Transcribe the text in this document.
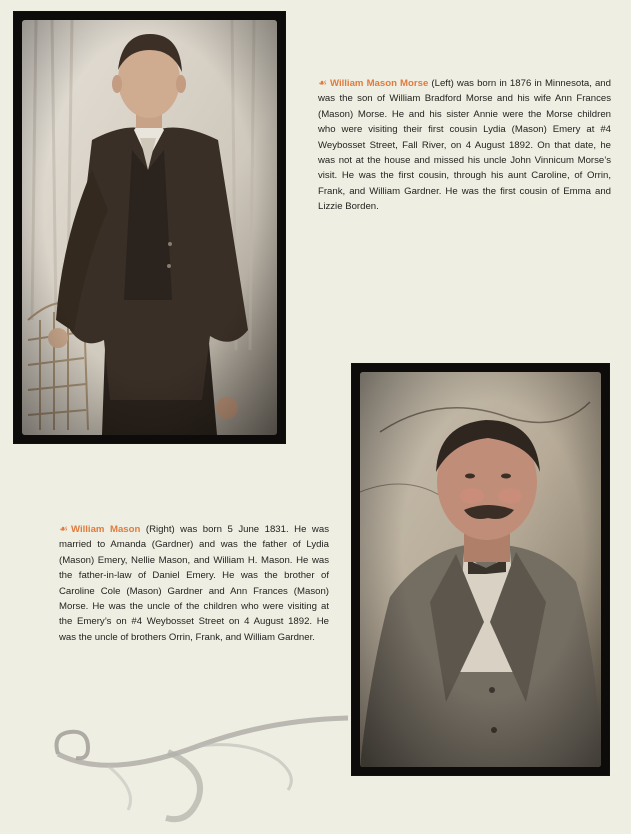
☙ William Mason Morse (Left) was born in 1876 in Minnesota, and was the son of William Bradford Morse and his wife Ann Frances (Mason) Morse. He and his sister Annie were the Morse children who were visiting their first cousin Lydia (Mason) Emery at #4 Weybosset Street, Fall River, on 4 August 1892. On that date, he was not at the house and missed his uncle John Vinnicum Morse’s visit. He was the first cousin, through his aunt Caroline, of Orrin, Frank, and William Gardner. He was the first cousin of Emma and Lizzie Borden.

☙ William Mason (Right) was born 5 June 1831. He was married to Amanda (Gardner) and was the father of Lydia (Mason) Emery, Nellie Mason, and William H. Mason. He was the father-in-law of Daniel Emery. He was the brother of Caroline Cole (Mason) Gardner and Ann Frances (Mason) Morse. He was the uncle of the children who were visiting at the Emery’s on #4 Weybosset Street on 4 August 1892. He was the uncle of brothers Orrin, Frank, and William Gardner.
